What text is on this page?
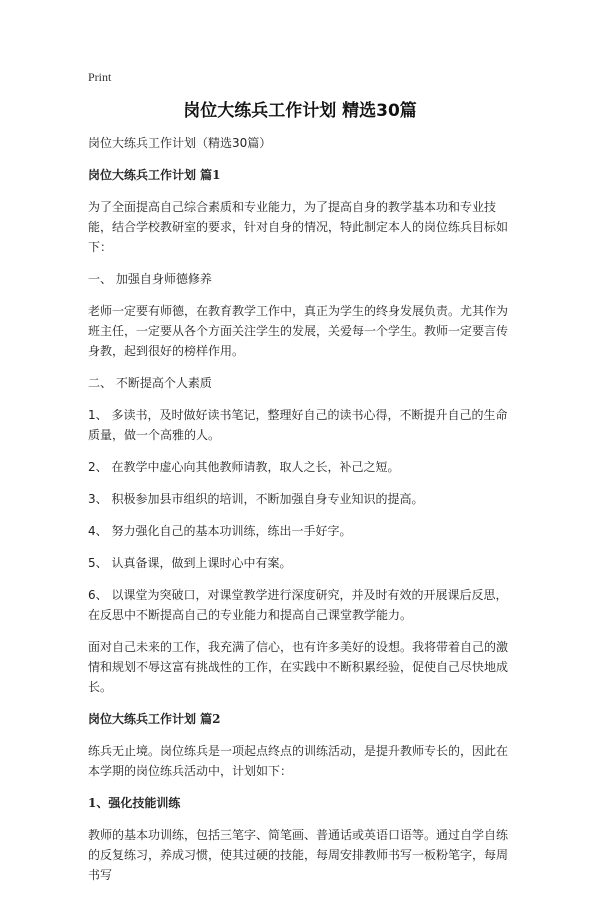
Print
岗位大练兵工作计划 精选30篇
岗位大练兵工作计划（精选30篇）
岗位大练兵工作计划 篇1
为了全面提高自己综合素质和专业能力，为了提高自身的教学基本功和专业技能，结合学校教研室的要求，针对自身的情况，特此制定本人的岗位练兵目标如下：
一、 加强自身师德修养
老师一定要有师德，在教育教学工作中，真正为学生的终身发展负责。尤其作为班主任，一定要从各个方面关注学生的发展，关爱每一个学生。教师一定要言传身教，起到很好的榜样作用。
二、 不断提高个人素质
1、 多读书，及时做好读书笔记，整理好自己的读书心得，不断提升自己的生命质量，做一个高雅的人。
2、 在教学中虚心向其他教师请教，取人之长，补己之短。
3、 积极参加县市组织的培训，不断加强自身专业知识的提高。
4、 努力强化自己的基本功训练，练出一手好字。
5、 认真备课，做到上课时心中有案。
6、 以课堂为突破口，对课堂教学进行深度研究，并及时有效的开展课后反思，在反思中不断提高自己的专业能力和提高自己课堂教学能力。
面对自己未来的工作，我充满了信心，也有许多美好的设想。我将带着自己的激情和规划不辱这富有挑战性的工作，在实践中不断积累经验，促使自己尽快地成长。
岗位大练兵工作计划 篇2
练兵无止境。岗位练兵是一项起点终点的训练活动，是提升教师专长的，因此在本学期的岗位练兵活动中，计划如下：
1、强化技能训练
教师的基本功训练，包括三笔字、简笔画、普通话或英语口语等。通过自学自练的反复练习，养成习惯，使其过硬的技能，每周安排教师书写一板粉笔字，每周书写
